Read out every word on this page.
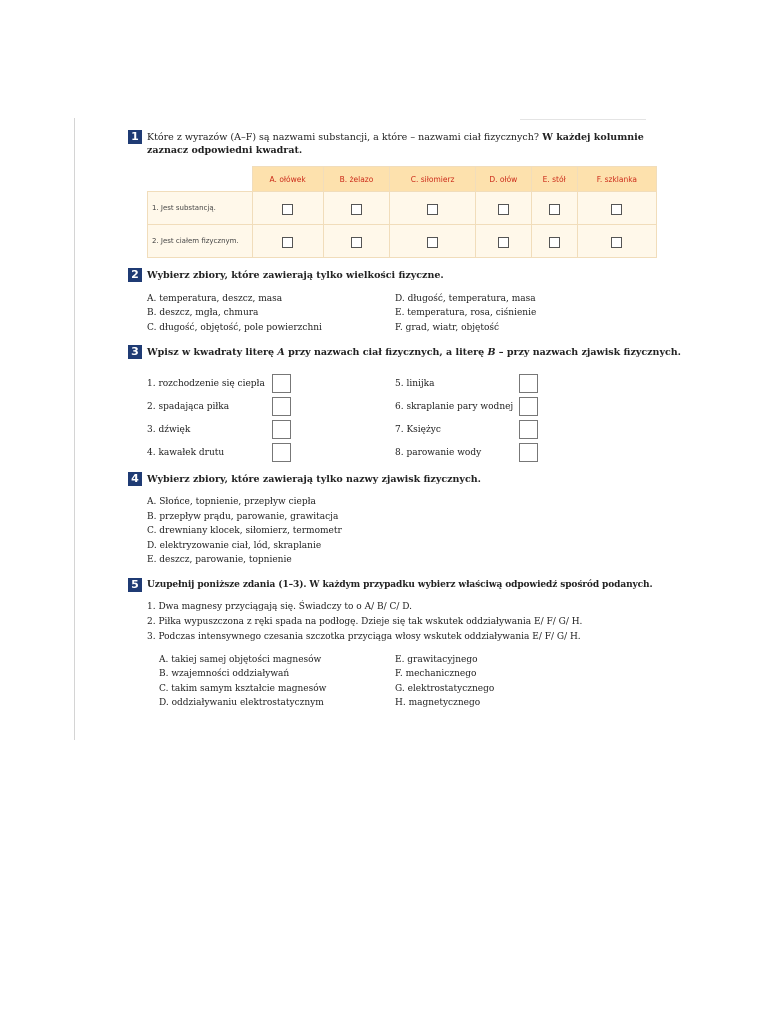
1 Które z wyrazów (A–F) są nazwami substancji, a które – nazwami ciał fizycznych? W każdej kolumnie zaznacz odpowiedni kwadrat.
	A. ołówek	B. żelazo	C. siłomierz	D. ołów	E. stół	F. szklanka
1. Jest substancją.						
2. Jest ciałem fizycznym.						
2 Wybierz zbiory, które zawierają tylko wielkości fizyczne.
A. temperatura, deszcz, masa
B. deszcz, mgła, chmura
C. długość, objętość, pole powierzchni
D. długość, temperatura, masa
E. temperatura, rosa, ciśnienie
F. grad, wiatr, objętość
3 Wpisz w kwadraty literę A przy nazwach ciał fizycznych, a literę B – przy nazwach zjawisk fizycznych.
1. rozchodzenie się ciepła
2. spadająca piłka
3. dźwięk
4. kawałek drutu
5. linijka
6. skraplanie pary wodnej
7. Księżyc
8. parowanie wody
4 Wybierz zbiory, które zawierają tylko nazwy zjawisk fizycznych.
A. Słońce, topnienie, przepływ ciepła
B. przepływ prądu, parowanie, grawitacja
C. drewniany klocek, siłomierz, termometr
D. elektryzowanie ciał, lód, skraplanie
E. deszcz, parowanie, topnienie
5 Uzupełnij poniższe zdania (1–3). W każdym przypadku wybierz właściwą odpowiedź spośród podanych.
1. Dwa magnesy przyciągają się. Świadczy to o A/ B/ C/ D.
2. Piłka wypuszczona z ręki spada na podłogę. Dzieje się tak wskutek oddziaływania E/ F/ G/ H.
3. Podczas intensywnego czesania szczotka przyciąga włosy wskutek oddziaływania E/ F/ G/ H.
A. takiej samej objętości magnesów
B. wzajemności oddziaływań
C. takim samym kształcie magnesów
D. oddziaływaniu elektrostatycznym
E. grawitacyjnego
F. mechanicznego
G. elektrostatycznego
H. magnetycznego
